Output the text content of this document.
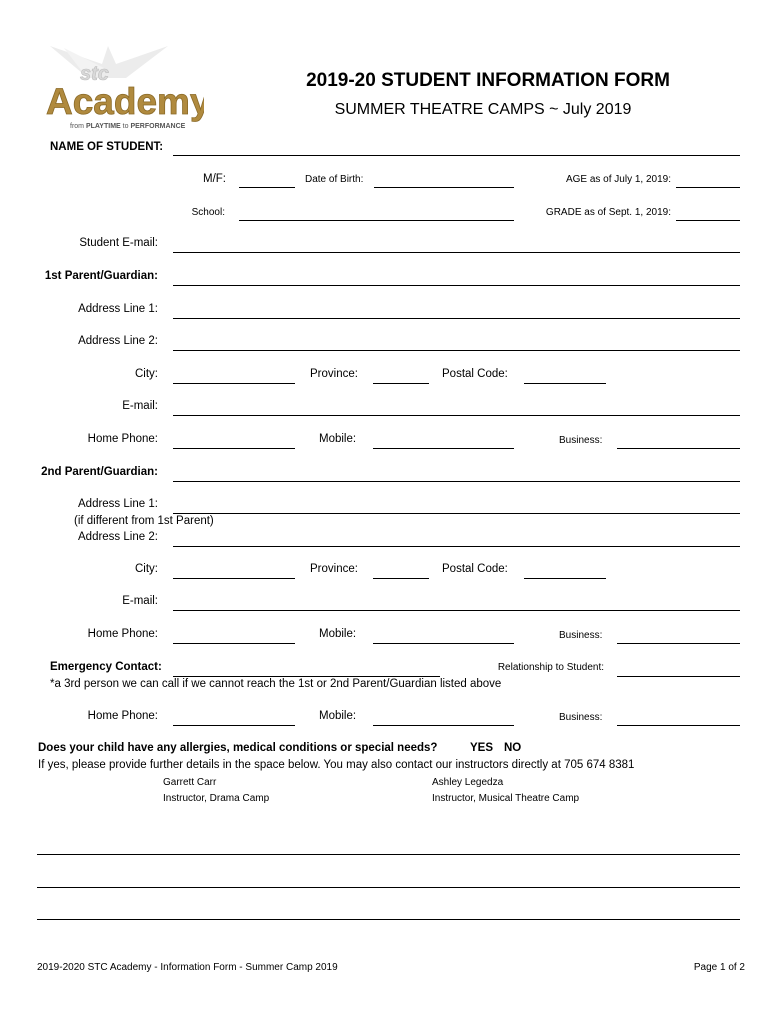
stc
Academy
from PLAYTIME to PERFORMANCE
2019-20 STUDENT INFORMATION FORM
SUMMER THEATRE CAMPS ~ July 2019
NAME OF STUDENT:
M/F:	Date of Birth:	AGE as of July 1, 2019:
School:	GRADE as of Sept. 1, 2019:
Student E-mail:
1st Parent/Guardian:
Address Line 1:
Address Line 2:
City:	Province:	Postal Code:
E-mail:
Home Phone:	Mobile:	Business:
2nd Parent/Guardian:
Address Line 1:
(if different from 1st Parent)
Address Line 2:
City:	Province:	Postal Code:
E-mail:
Home Phone:	Mobile:	Business:
Emergency Contact:	Relationship to Student:
*a 3rd person we can call if we cannot reach the 1st or 2nd Parent/Guardian listed above
Home Phone:	Mobile:	Business:
Does your child have any allergies, medical conditions or special needs?	YES NO
If yes, please provide further details in the space below. You may also contact our instructors directly at 705 674 8381
Garrett Carr
Instructor, Drama Camp
Ashley Legedza
Instructor, Musical Theatre Camp
2019-2020 STC Academy - Information Form - Summer Camp 2019	Page 1 of 2
